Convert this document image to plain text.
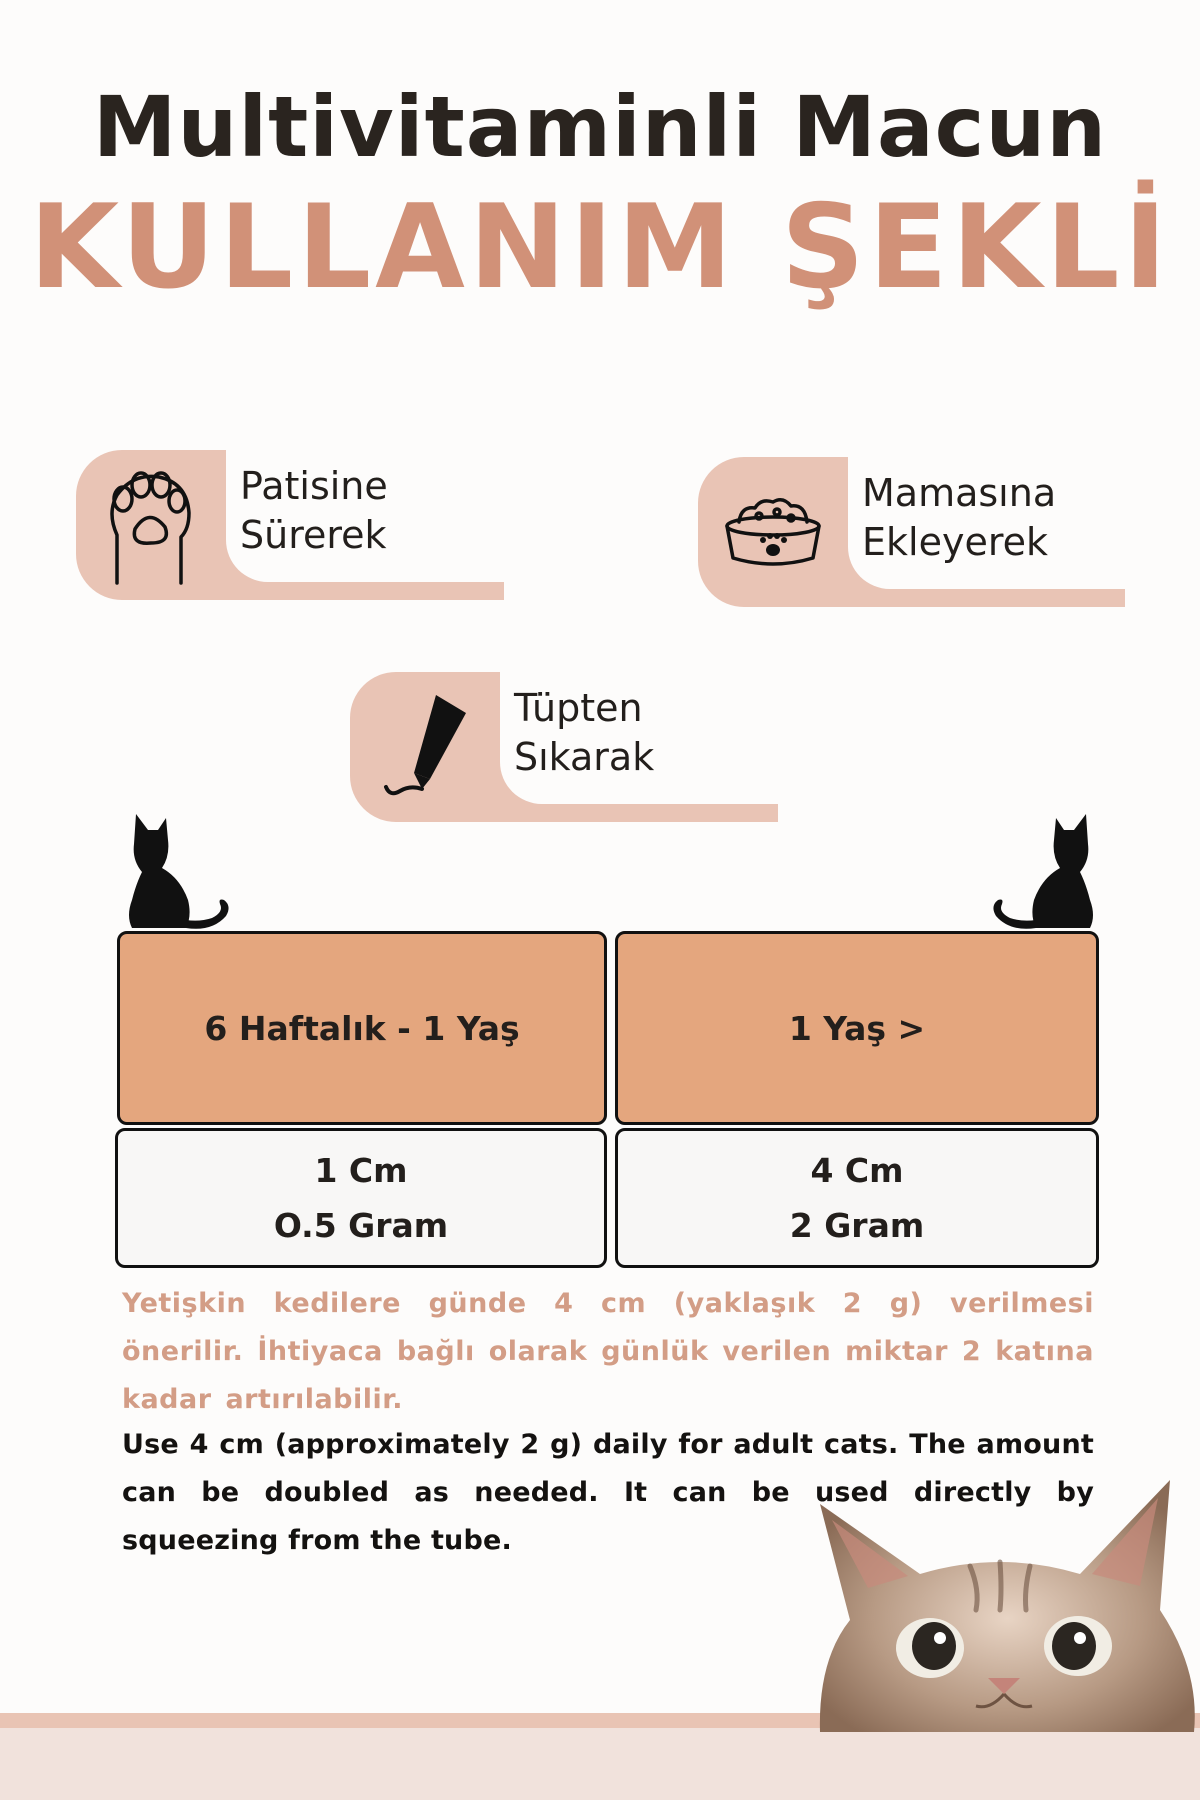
Multivitaminli Macun
KULLANIM ŞEKLİ
Patisine Sürerek
Mamasına
Ekleyerek
Tüpten Sıkarak
6 Haftalık - 1 Yaş	1 Yaş >
1 Cm
O.5 Gram
4 Cm
2 Gram
Yetişkin kedilere günde 4 cm (yaklaşık 2 g) verilmesi önerilir. İhtiyaca bağlı olarak günlük verilen miktar 2 katına kadar artırılabilir.
Use 4 cm (approximately 2 g) daily for adult cats. The amount can be doubled as needed. It can be used directly by squeezing from the tube.
